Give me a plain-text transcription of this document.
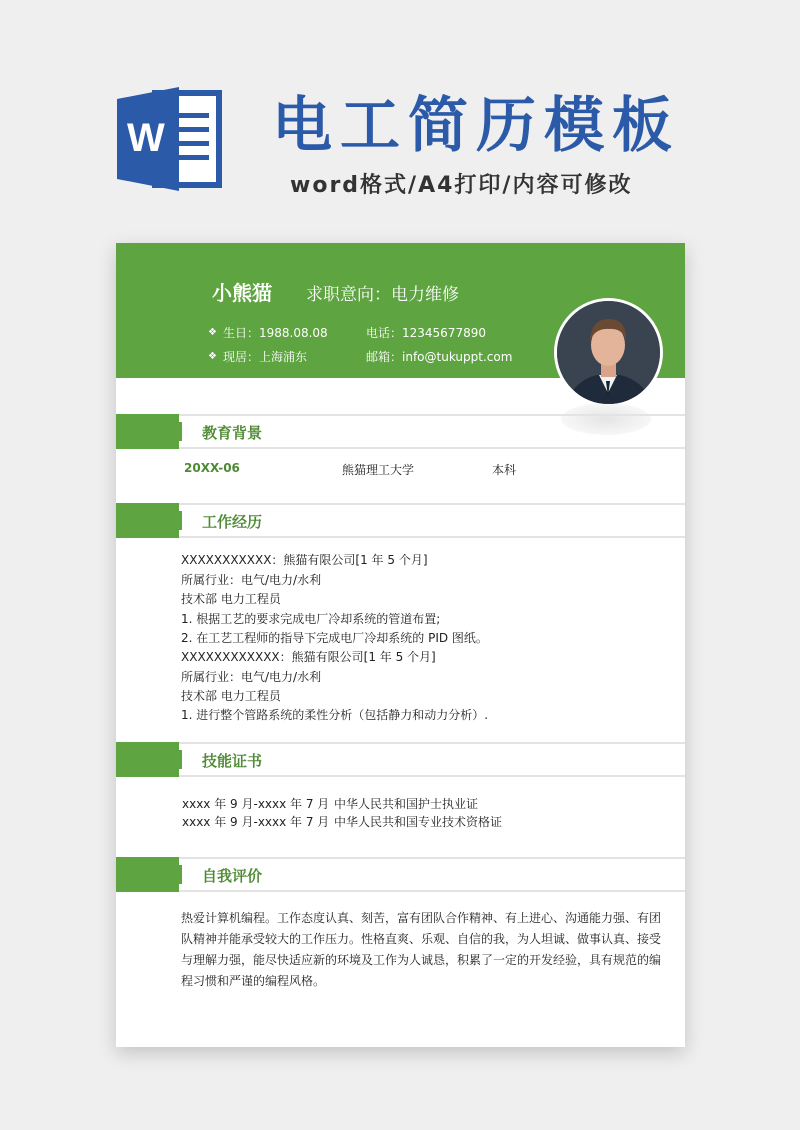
W 电工简历模板
word格式/A4打印/内容可修改
小熊猫 求职意向：电力维修
❖ 生日：1988.08.08	电话：12345677890
❖ 现居：上海浦东	邮箱：info@tukuppt.com
教育背景
20XX-06	熊猫理工大学	本科
工作经历
XXXXXXXXXXX：熊猫有限公司[1 年 5 个月]
所属行业：电气/电力/水利
技术部 电力工程员
1. 根据工艺的要求完成电厂冷却系统的管道布置;
2. 在工艺工程师的指导下完成电厂冷却系统的 PID 图纸。
XXXXXXXXXXXX：熊猫有限公司[1 年 5 个月]
所属行业：电气/电力/水利
技术部 电力工程员
1. 进行整个管路系统的柔性分析（包括静力和动力分析）.
技能证书
xxxx 年 9 月-xxxx 年 7 月 中华人民共和国护士执业证
xxxx 年 9 月-xxxx 年 7 月 中华人民共和国专业技术资格证
自我评价
热爱计算机编程。工作态度认真、刻苦，富有团队合作精神、有上进心、沟通能力强、有团队精神并能承受较大的工作压力。性格直爽、乐观、自信的我，为人坦诚、做事认真、接受与理解力强，能尽快适应新的环境及工作为人诚恳，积累了一定的开发经验，具有规范的编程习惯和严谨的编程风格。
